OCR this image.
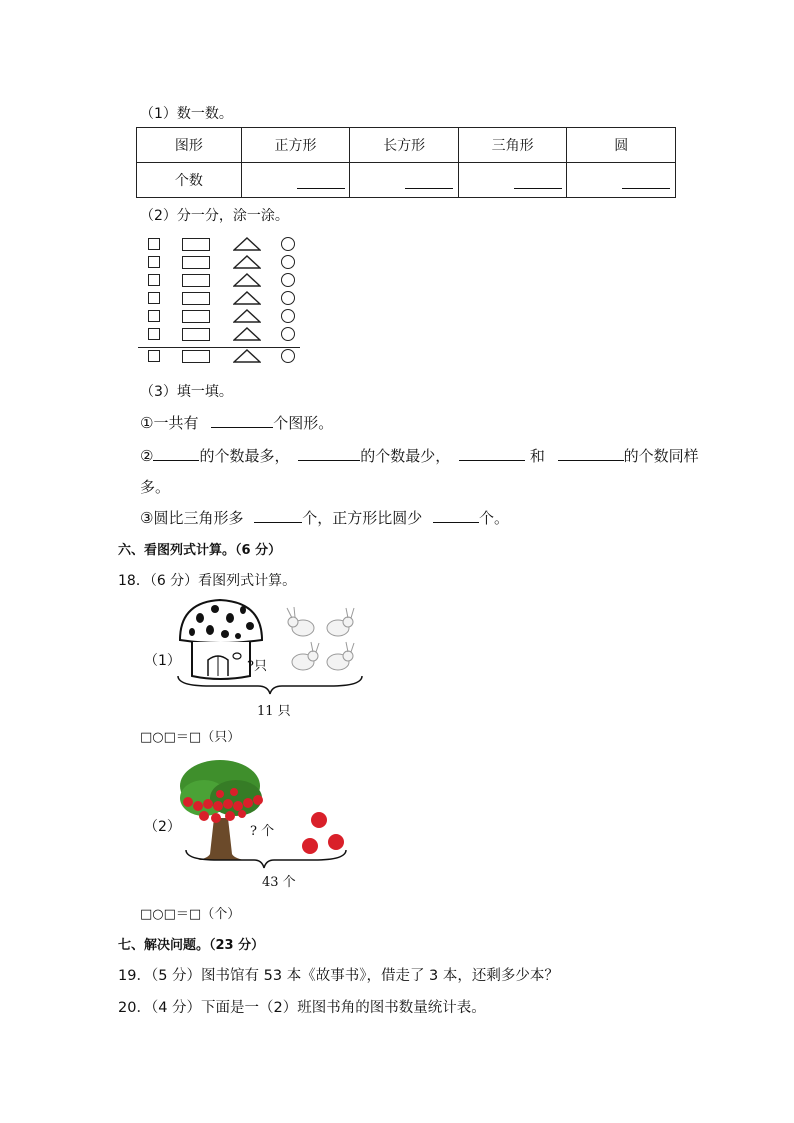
（1）数一数。
图形	正方形	长方形	三角形	圆
个数				
（2）分一分，涂一涂。
（3）填一填。
①一共有	个图形。
②	的个数最多，	的个数最少，	和	的个数同样
多。
③圆比三角形多	个，正方形比圆少	个。
六、看图列式计算。（6 分）
18．（6 分）看图列式计算。
（1）	?只
11 只
□○□＝□（只）
（2）	? 个
43 个
□○□＝□（个）
七、解决问题。（23 分）
19．（5 分）图书馆有 53 本《故事书》，借走了 3 本，还剩多少本？
20．（4 分）下面是一（2）班图书角的图书数量统计表。
